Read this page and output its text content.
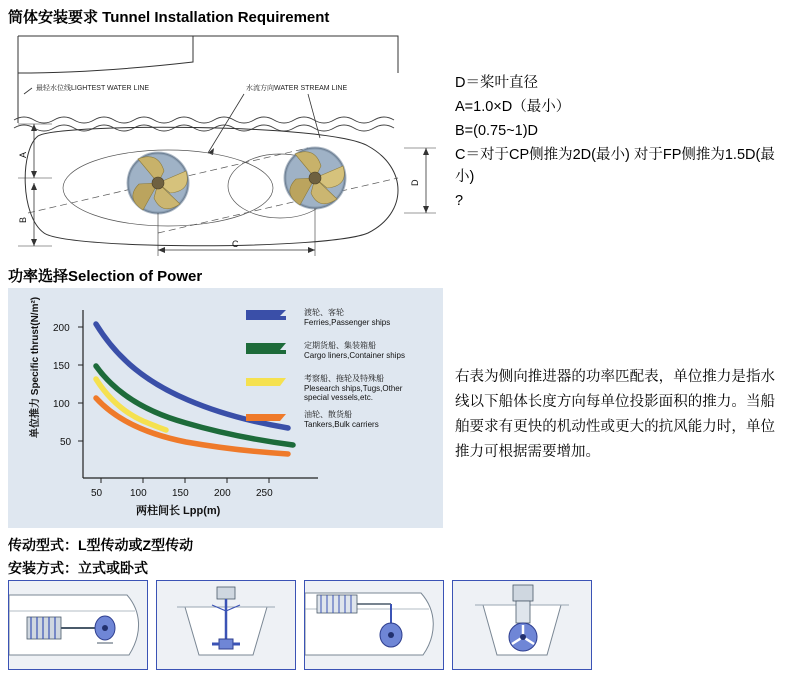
筒体安装要求 Tunnel Installation Requirement
功率选择Selection of Power
最轻水位线LIGHTEST WATER LINE	水流方向WATER STREAM LINE
A
B
D
C
D＝桨叶直径
A=1.0×D（最小）
B=(0.75~1)D
C＝对于CP侧推为2D(最小) 对于FP侧推为1.5D(最小)
?
200
150
100
50
50	100	150	200	250
单位推力 Specific thrust(N/m²)
两柱间长 Lpp(m)
渡轮、客轮
Ferries,Passenger ships
定期货船、集装箱船
Cargo liners,Container ships
考察船、拖轮及特殊船
Plesearch ships,Tugs,Other
special vessels,etc.
油轮、散货船
Tankers,Bulk carriers
右表为侧向推进器的功率匹配表，单位推力是指水线以下船体长度方向每单位投影面积的推力。当船舶要求有更快的机动性或更大的抗风能力时，单位推力可根据需要增加。
传动型式：L型传动或Z型传动
安装方式：立式或卧式
